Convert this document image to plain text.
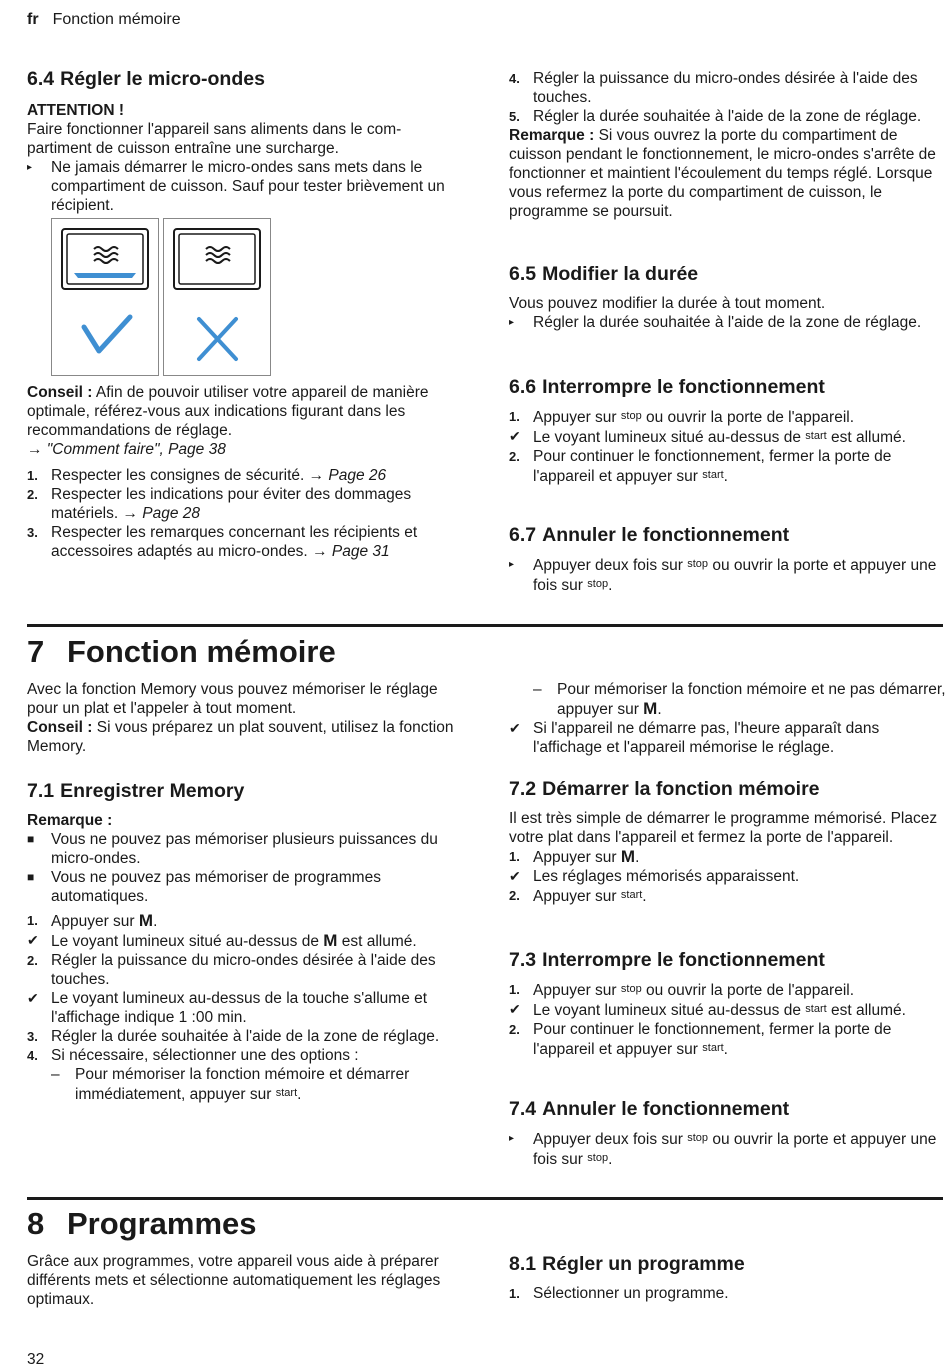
fr Fonction mémoire
6.4 Régler le micro-ondes

ATTENTION !

Faire fonctionner l'appareil sans aliments dans le com-

partiment de cuisson entraîne une surcharge.

▸	Ne jamais démarrer le micro-ondes sans mets dans le compartiment de cuisson. Sauf pour tester brièvement un récipient.

Conseil : Afin de pouvoir utiliser votre appareil de manière optimale, référez-vous aux indications figurant dans les recommandations de réglage.

→ "Comment faire", Page 38

1. Respecter les consignes de sécurité. → Page 26
2. Respecter les indications pour éviter des dommages matériels. → Page 28
3. Respecter les remarques concernant les récipients et accessoires adaptés au micro-ondes. → Page 31
4. Régler la puissance du micro-ondes désirée à l'aide des touches.
5. Régler la durée souhaitée à l'aide de la zone de réglage.

Remarque : Si vous ouvrez la porte du compartiment de cuisson pendant le fonctionnement, le micro-ondes s'arrête de fonctionner et maintient l'écoulement du temps réglé. Lorsque vous refermez la porte du compartiment de cuisson, le programme se poursuit.

6.5 Modifier la durée

Vous pouvez modifier la durée à tout moment.

▸	Régler la durée souhaitée à l'aide de la zone de réglage.
6.6 Interrompre le fonctionnement
1. Appuyer sur stop ou ouvrir la porte de l'appareil.
✔ Le voyant lumineux situé au-dessus de start est allumé.
2. Pour continuer le fonctionnement, fermer la porte de l'appareil et appuyer sur start.
6.7 Annuler le fonctionnement
▸	Appuyer deux fois sur stop ou ouvrir la porte et appuyer une fois sur stop.
7 Fonction mémoire

Avec la fonction Memory vous pouvez mémoriser le réglage pour un plat et l'appeler à tout moment.

Conseil : Si vous préparez un plat souvent, utilisez la fonction Memory.

7.1 Enregistrer Memory

Remarque :

■	Vous ne pouvez pas mémoriser plusieurs puissances du micro-ondes.
■	Vous ne pouvez pas mémoriser de programmes automatiques.
1. Appuyer sur M.
✔ Le voyant lumineux situé au-dessus de M est allumé.
2. Régler la puissance du micro-ondes désirée à l'aide des touches.
✔ Le voyant lumineux au-dessus de la touche s'allume et l'affichage indique 1 :00 min.
3. Régler la durée souhaitée à l'aide de la zone de réglage.
4. Si nécessaire, sélectionner une des options :
– Pour mémoriser la fonction mémoire et démarrer immédiatement, appuyer sur start.
– Pour mémoriser la fonction mémoire et ne pas démarrer, appuyer sur M.
✔ Si l'appareil ne démarre pas, l'heure apparaît dans l'affichage et l'appareil mémorise le réglage.
7.2 Démarrer la fonction mémoire

Il est très simple de démarrer le programme mémorisé. Placez votre plat dans l'appareil et fermez la porte de l'appareil.

1. Appuyer sur M.
✔ Les réglages mémorisés apparaissent.
2. Appuyer sur start.
7.3 Interrompre le fonctionnement
1. Appuyer sur stop ou ouvrir la porte de l'appareil.
✔ Le voyant lumineux situé au-dessus de start est allumé.
2. Pour continuer le fonctionnement, fermer la porte de l'appareil et appuyer sur start.
7.4 Annuler le fonctionnement
▸	Appuyer deux fois sur stop ou ouvrir la porte et appuyer une fois sur stop.
8 Programmes

Grâce aux programmes, votre appareil vous aide à préparer différents mets et sélectionne automatiquement les réglages optimaux.

8.1 Régler un programme
1. Sélectionner un programme.
32
